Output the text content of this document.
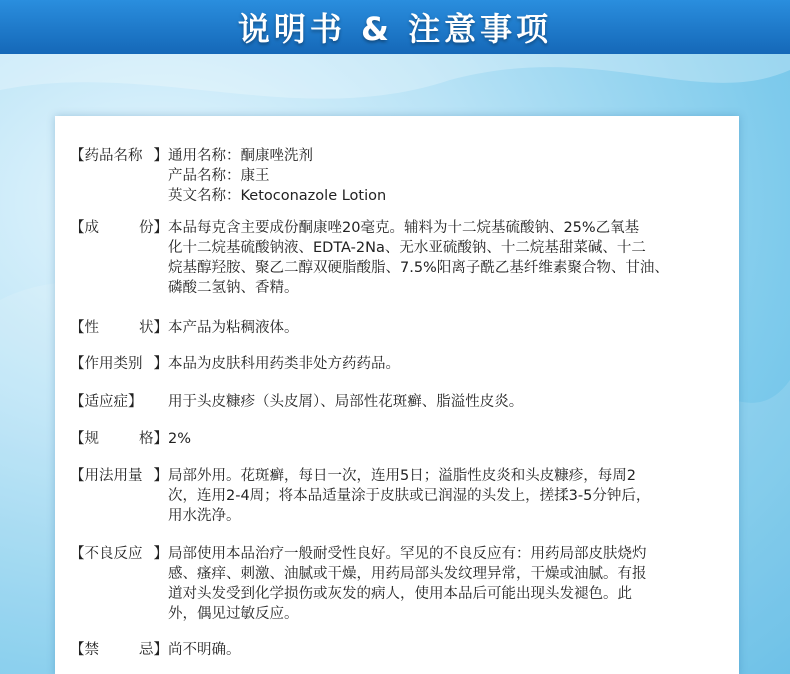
说明书 & 注意事项
【 药品名称 】 通用名称：酮康唑洗剂
产品名称：康王
英文名称：Ketoconazole Lotion
【 成	份 】 本品每克含主要成份酮康唑20毫克。辅料为十二烷基硫酸钠、25%乙氧基
化十二烷基硫酸钠液、EDTA-2Na、无水亚硫酸钠、十二烷基甜菜碱、十二
烷基醇羟胺、聚乙二醇双硬脂酸脂、7.5%阳离子酰乙基纤维素聚合物、甘油、
磷酸二氢钠、香精。
【 性	状 】 本产品为粘稠液体。
【 作用类别 】 本品为皮肤科用药类非处方药药品。
【 适应症 】 用于头皮糠疹（头皮屑）、局部性花斑癣、脂溢性皮炎。
【 规	格 】 2%
【 用法用量 】 局部外用。花斑癣，每日一次，连用5日；溢脂性皮炎和头皮糠疹，每周2
次，连用2-4周；将本品适量涂于皮肤或已润湿的头发上，搓揉3-5分钟后，
用水洗净。
【 不良反应 】 局部使用本品治疗一般耐受性良好。罕见的不良反应有：用药局部皮肤烧灼
感、瘙痒、刺激、油腻或干燥，用药局部头发纹理异常，干燥或油腻。有报
道对头发受到化学损伤或灰发的病人，使用本品后可能出现头发褪色。此
外，偶见过敏反应。
【 禁	忌 】 尚不明确。
